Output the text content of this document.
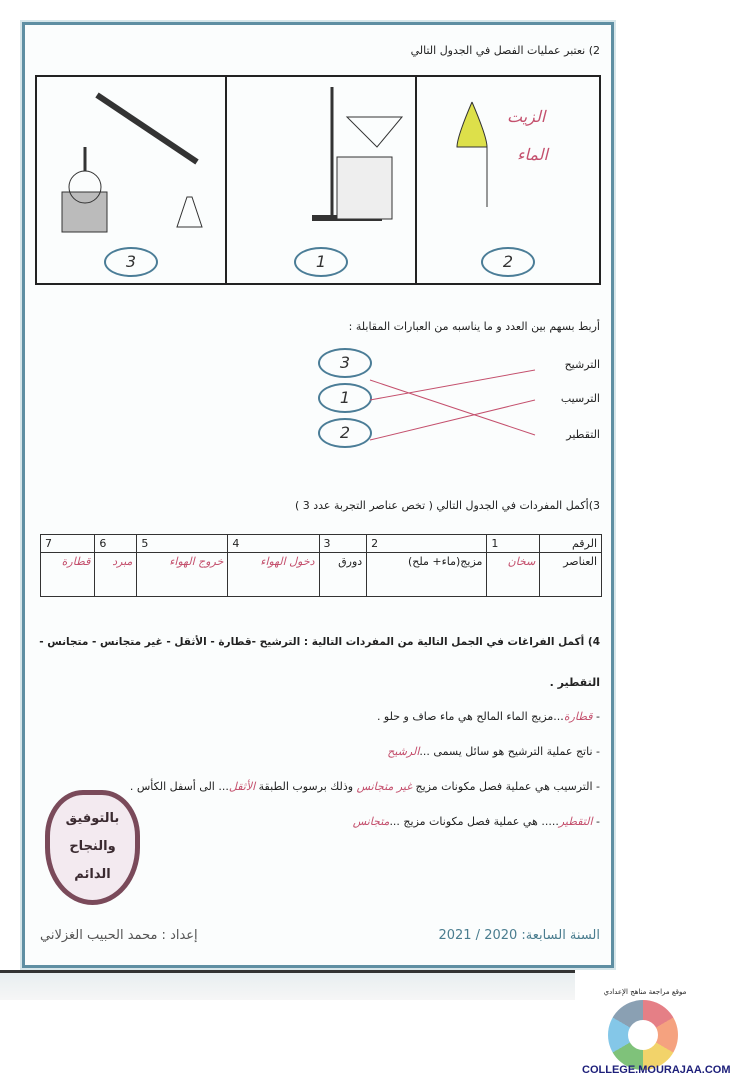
2) نعتبر عمليات الفصل في الجدول التالي
3	1
الزيت
الماء
2
أربط بسهم بين العدد و ما يناسبه من العبارات المقابلة :
3
1
2
الترشيح
الترسيب
التقطير
3)أكمل المفردات في الجدول التالي ( تخص عناصر التجربة عدد 3 )
الرقم	1	2	3	4	5	6	7
العناصر	سخان	مزيج(ماء+ ملح)	دورق	دخول الهواء	خروج الهواء	مبرد	قطارة
4) أكمل الفراغات في الجمل التالية من المفردات التالية : الترشيح -قطارة - الأثقل - غير متجانس - متجانس -
التقطير .
- قطارة...مزيج الماء المالح هي ماء صاف و حلو .
- ناتج عملية الترشيح هو سائل يسمى ...الرشيح
- الترسيب هي عملية فصل مكونات مزيج غير متجانس وذلك برسوب الطبقة الأثقل... الى أسفل الكأس .
- التقطير..... هي عملية فصل مكونات مزيج ...متجانس
بالتوفيق والنجاح الدائم
السنة السابعة: 2020 / 2021
إعداد : محمد الحبيب الغزلاني
موقع مراجعة مناهج الإعدادي
COLLEGE.MOURAJAA.COM
